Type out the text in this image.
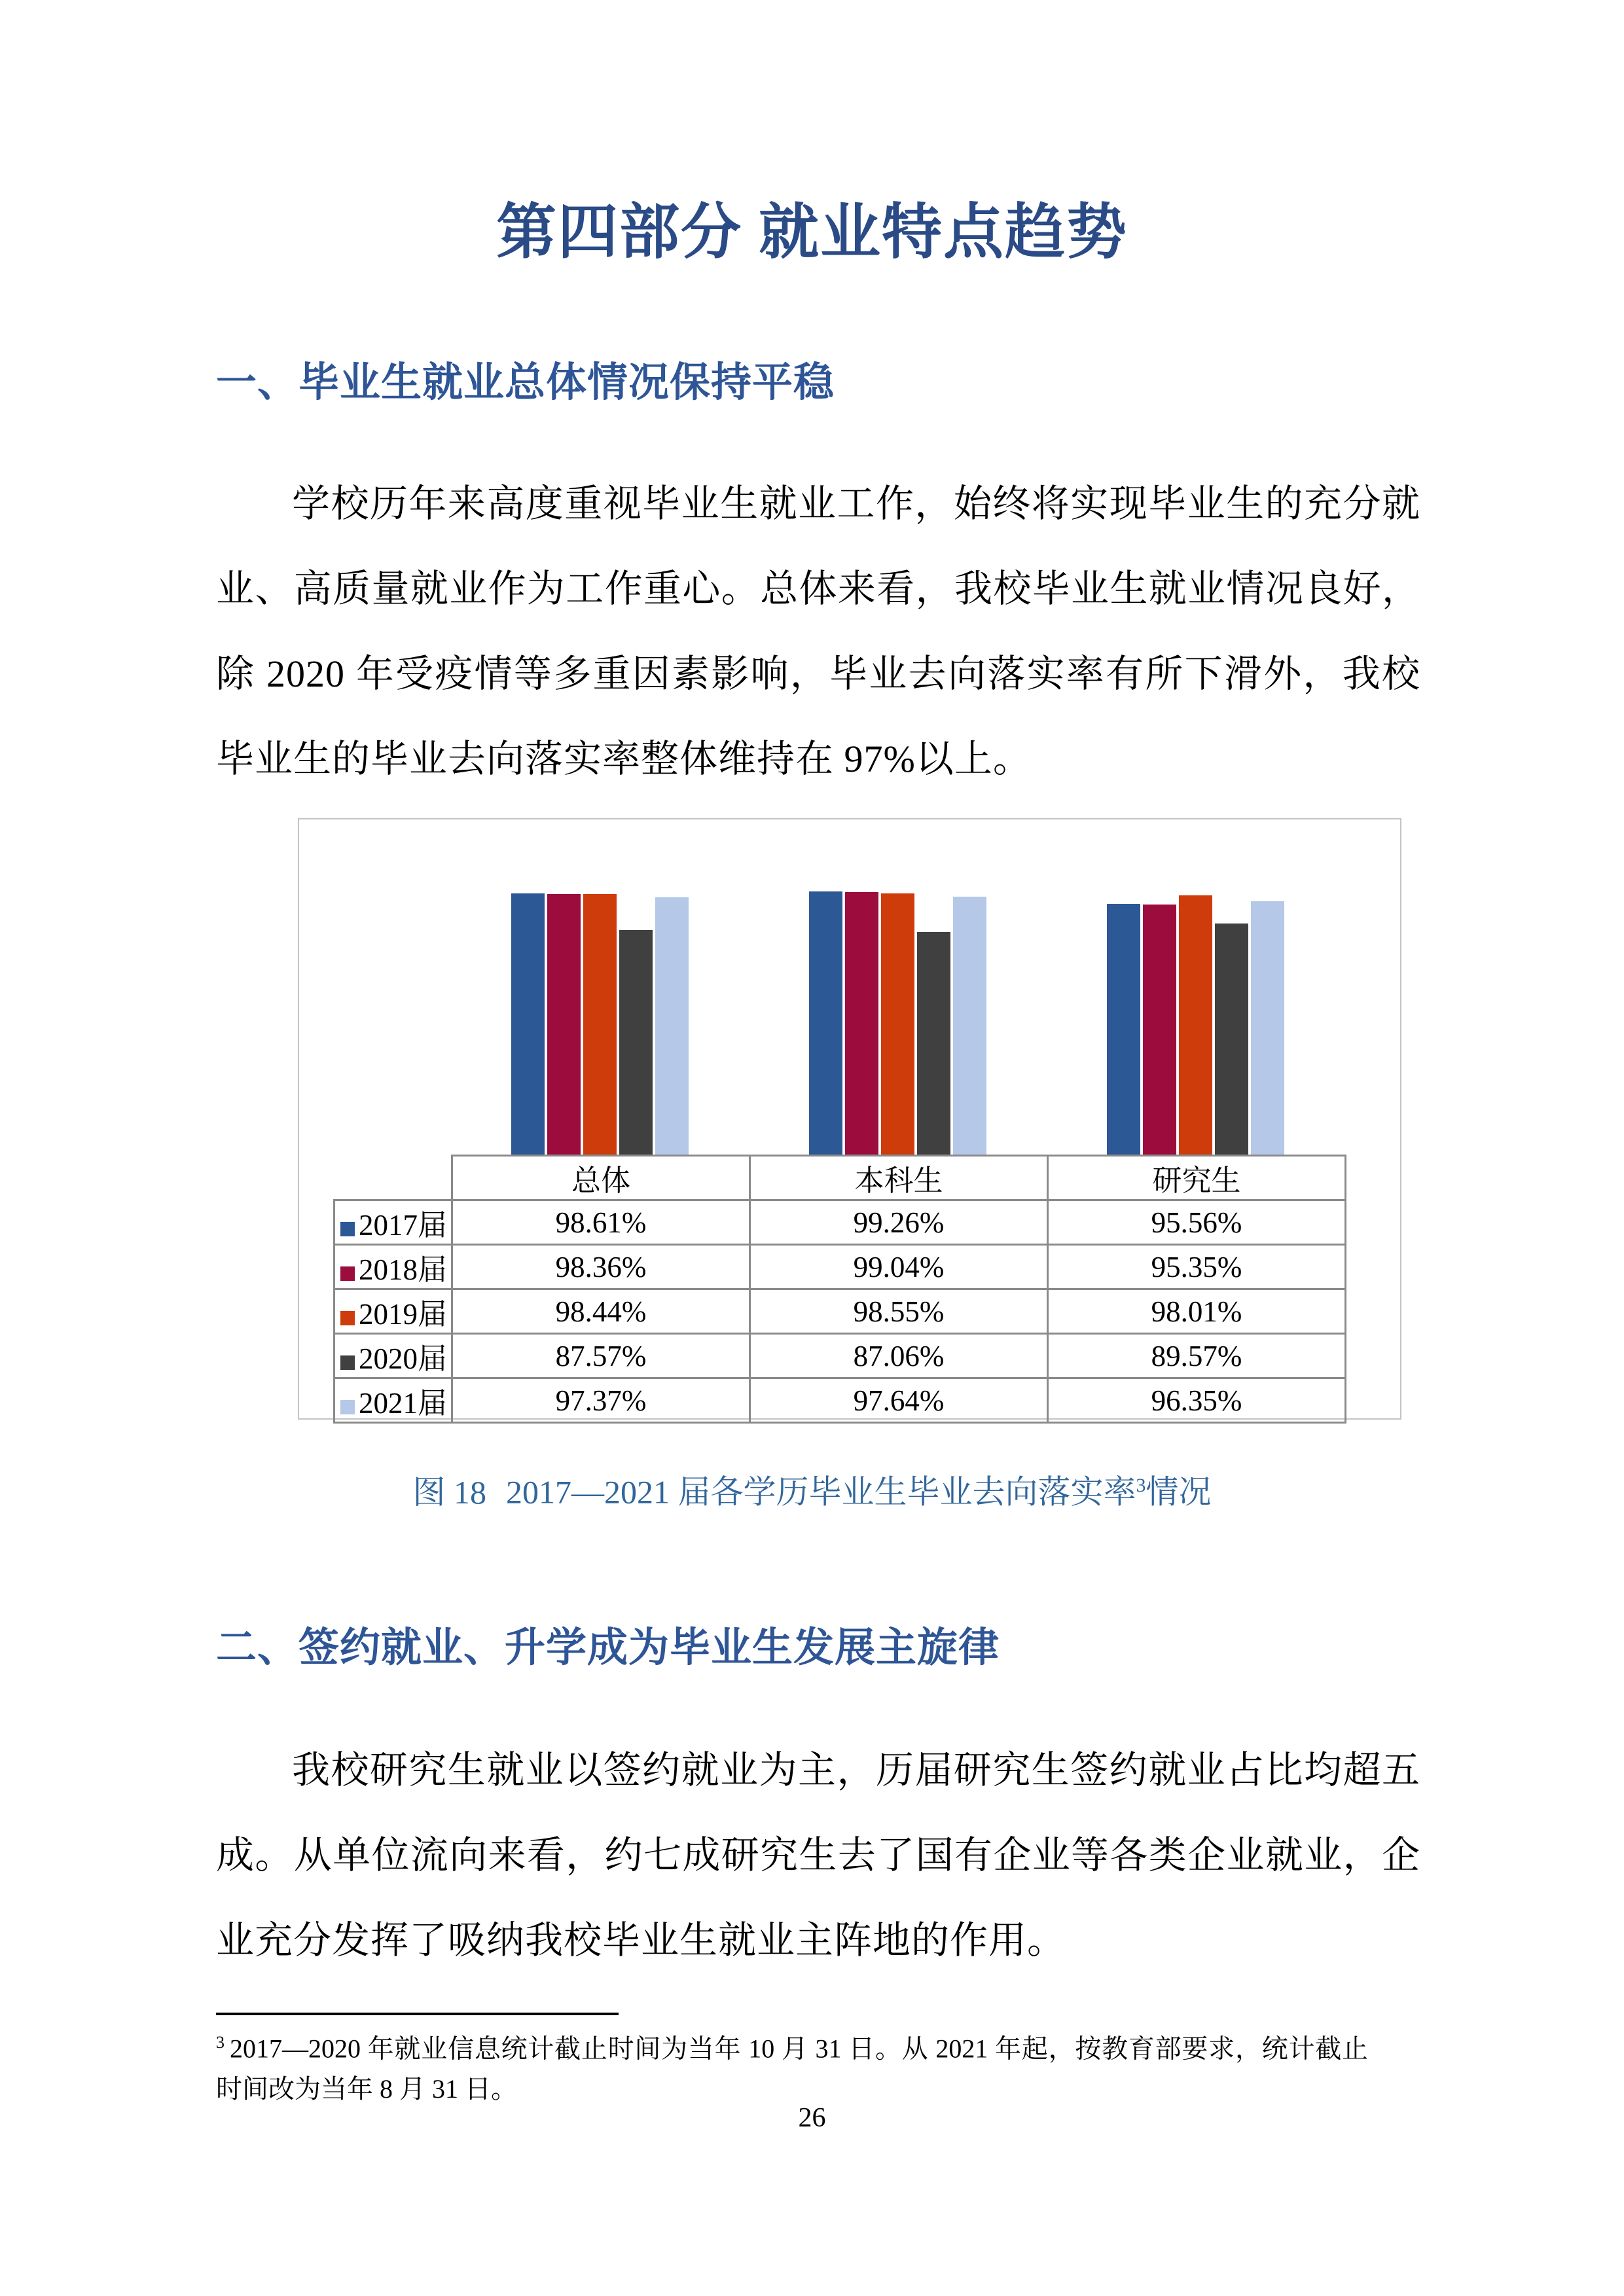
第四部分 就业特点趋势
一、毕业生就业总体情况保持平稳

学校历年来高度重视毕业生就业工作，始终将实现毕业生的充分就业、高质量就业作为工作重心。总体来看，我校毕业生就业情况良好，除 2020 年受疫情等多重因素影响，毕业去向落实率有所下滑外，我校毕业生的毕业去向落实率整体维持在 97%以上。

	总体	本科生	研究生
2017届	98.61%	99.26%	95.56%
2018届	98.36%	99.04%	95.35%
2019届	98.44%	98.55%	98.01%
2020届	87.57%	87.06%	89.57%
2021届	97.37%	97.64%	96.35%

图 18 2017—2021 届各学历毕业生毕业去向落实率$^3$情况

二、签约就业、升学成为毕业生发展主旋律

我校研究生就业以签约就业为主，历届研究生签约就业占比均超五成。从单位流向来看，约七成研究生去了国有企业等各类企业就业，企业充分发挥了吸纳我校毕业生就业主阵地的作用。

$^3$ 2017—2020 年就业信息统计截止时间为当年 10 月 31 日。从 2021 年起，按教育部要求，统计截止时间改为当年 8 月 31 日。

26
